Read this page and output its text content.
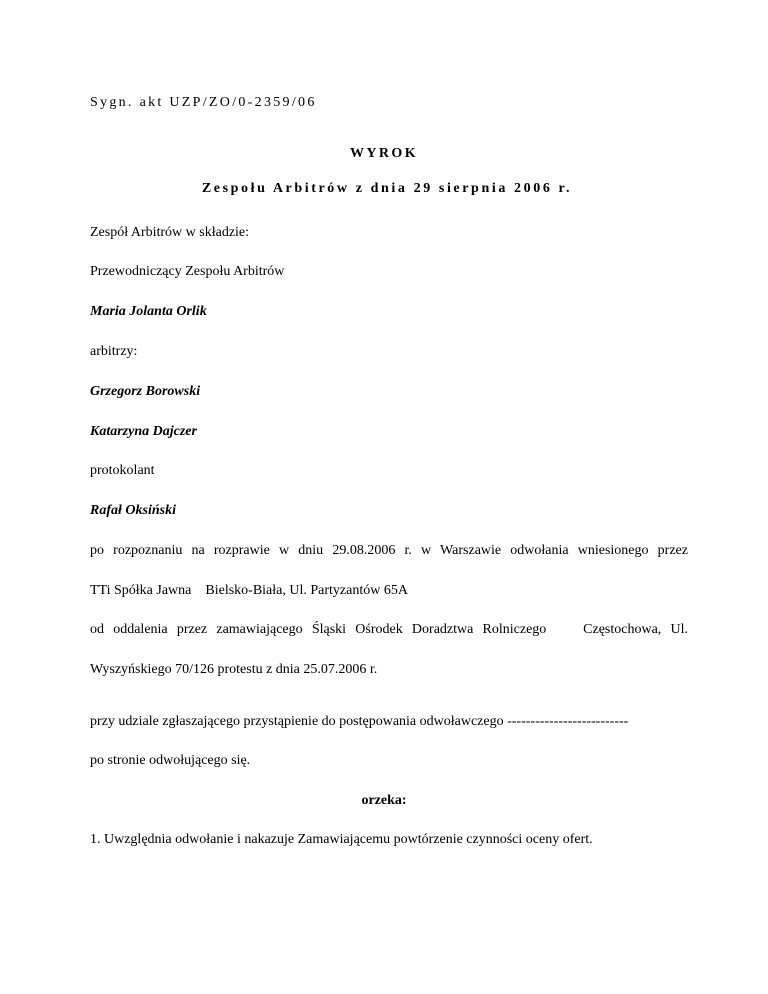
Sygn. akt UZP/ZO/0-2359/06
WYROK
Zespołu Arbitrów z dnia 29 sierpnia 2006 r.
Zespół Arbitrów w składzie:
Przewodniczący Zespołu Arbitrów
Maria Jolanta Orlik
arbitrzy:
Grzegorz Borowski
Katarzyna Dajczer
protokolant
Rafał Oksiński
po rozpoznaniu na rozprawie w dniu 29.08.2006 r. w Warszawie odwołania wniesionego przez
TTi Spółka Jawna    Bielsko-Biała, Ul. Partyzantów 65A
od oddalenia przez zamawiającego Śląski Ośrodek Doradztwa Rolniczego    Częstochowa, Ul.
Wyszyńskiego 70/126 protestu z dnia 25.07.2006 r.
przy udziale zgłaszającego przystąpienie do postępowania odwoławczego --------------------------
po stronie odwołującego się.
orzeka:
1. Uwzględnia odwołanie i nakazuje Zamawiającemu powtórzenie czynności oceny ofert.
